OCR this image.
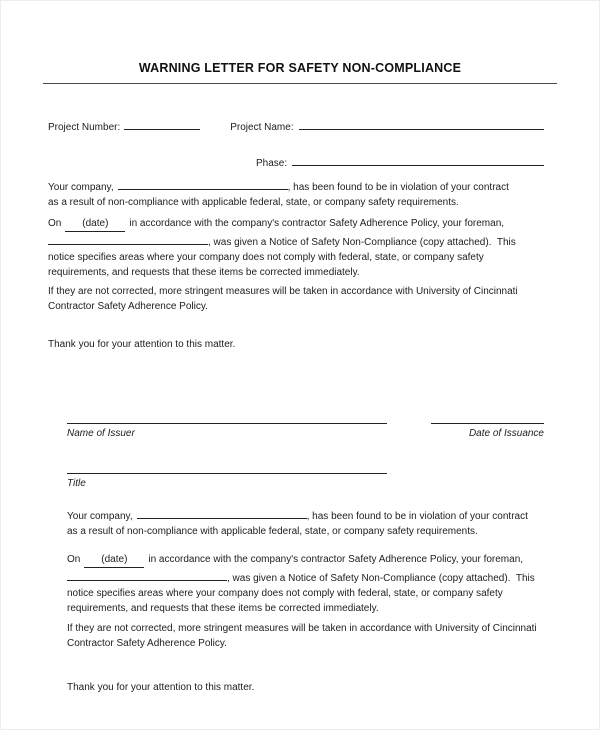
WARNING LETTER FOR SAFETY NON-COMPLIANCE
Project Number:	Project Name:
Phase:
Your company,	, has been found to be in violation of your contract
as a result of non-compliance with applicable federal, state, or company safety requirements.
On (date) in accordance with the company's contractor Safety Adherence Policy, your foreman,
, was given a Notice of Safety Non-Compliance (copy attached).  This
notice specifies areas where your company does not comply with federal, state, or company safety
requirements, and requests that these items be corrected immediately.
If they are not corrected, more stringent measures will be taken in accordance with University of Cincinnati
Contractor Safety Adherence Policy.
Thank you for your attention to this matter.
Name of Issuer	Date of Issuance
Title
Your company,	, has been found to be in violation of your contract
as a result of non-compliance with applicable federal, state, or company safety requirements.
On (date) in accordance with the company's contractor Safety Adherence Policy, your foreman,
, was given a Notice of Safety Non-Compliance (copy attached).  This
notice specifies areas where your company does not comply with federal, state, or company safety
requirements, and requests that these items be corrected immediately.
If they are not corrected, more stringent measures will be taken in accordance with University of Cincinnati
Contractor Safety Adherence Policy.
Thank you for your attention to this matter.
